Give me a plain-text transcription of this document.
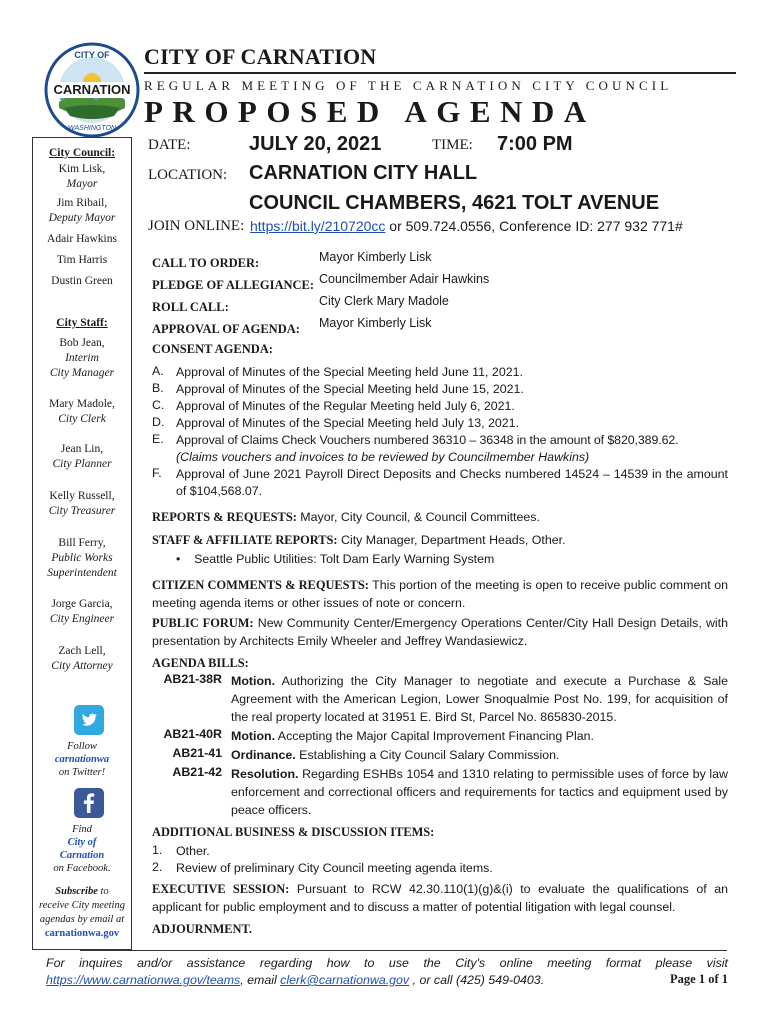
CITY OF
CARNATION
WASHINGTON
CITY OF CARNATION
REGULAR MEETING OF THE CARNATION CITY COUNCIL
PROPOSED AGENDA
DATE:	JULY 20, 2021	TIME: 7:00 PM
LOCATION: CARNATION CITY HALL
COUNCIL CHAMBERS, 4621 TOLT AVENUE
JOIN ONLINE: https://bit.ly/210720cc or 509.724.0556, Conference ID: 277 932 771#
City Council:
Kim Lisk,
Mayor
Jim Ribail,
Deputy Mayor
Adair Hawkins
Tim Harris
Dustin Green
City Staff:
Bob Jean,
Interim
City Manager
Mary Madole,
City Clerk
Jean Lin,
City Planner
Kelly Russell,
City Treasurer
Bill Ferry,
Public Works
Superintendent
Jorge Garcia,
City Engineer
Zach Lell,
City Attorney
Follow
carnationwa
on Twitter!
Find
City of
Carnation
on Facebook.
Subscribe to
receive City meeting
agendas by email at
carnationwa.gov
CALL TO ORDER:	Mayor Kimberly Lisk
PLEDGE OF ALLEGIANCE: Councilmember Adair Hawkins
ROLL CALL:	City Clerk Mary Madole
APPROVAL OF AGENDA: Mayor Kimberly Lisk
CONSENT AGENDA:
A. Approval of Minutes of the Special Meeting held June 11, 2021.
B. Approval of Minutes of the Special Meeting held June 15, 2021.
C. Approval of Minutes of the Regular Meeting held July 6, 2021.
D. Approval of Minutes of the Special Meeting held July 13, 2021.
E. Approval of Claims Check Vouchers numbered 36310 – 36348 in the amount of $820,389.62.
(Claims vouchers and invoices to be reviewed by Councilmember Hawkins)
F. Approval of June 2021 Payroll Direct Deposits and Checks numbered 14524 – 14539 in the amount of $104,568.07.
REPORTS & REQUESTS: Mayor, City Council, & Council Committees.
STAFF & AFFILIATE REPORTS: City Manager, Department Heads, Other.
•    Seattle Public Utilities: Tolt Dam Early Warning System
CITIZEN COMMENTS & REQUESTS: This portion of the meeting is open to receive public comment on meeting agenda items or other issues of note or concern.
PUBLIC FORUM: New Community Center/Emergency Operations Center/City Hall Design Details, with presentation by Architects Emily Wheeler and Jeffrey Wandasiewicz.
AGENDA BILLS:
AB21-38R Motion. Authorizing the City Manager to negotiate and execute a Purchase & Sale Agreement with the American Legion, Lower Snoqualmie Post No. 199, for acquisition of the real property located at 31951 E. Bird St, Parcel No. 865830-2015.
AB21-40R Motion. Accepting the Major Capital Improvement Financing Plan.
AB21-41 Ordinance. Establishing a City Council Salary Commission.
AB21-42 Resolution. Regarding ESHBs 1054 and 1310 relating to permissible uses of force by law enforcement and correctional officers and requirements for tactics and equipment used by peace officers.
ADDITIONAL BUSINESS & DISCUSSION ITEMS:
1. Other.
2. Review of preliminary City Council meeting agenda items.
EXECUTIVE SESSION: Pursuant to RCW 42.30.110(1)(g)&(i) to evaluate the qualifications of an applicant for public employment and to discuss a matter of potential litigation with legal counsel.
ADJOURNMENT.
For inquires and/or assistance regarding how to use the City's online meeting format please visit
https://www.carnationwa.gov/teams, email clerk@carnationwa.gov , or call (425) 549-0403.	Page 1 of 1
